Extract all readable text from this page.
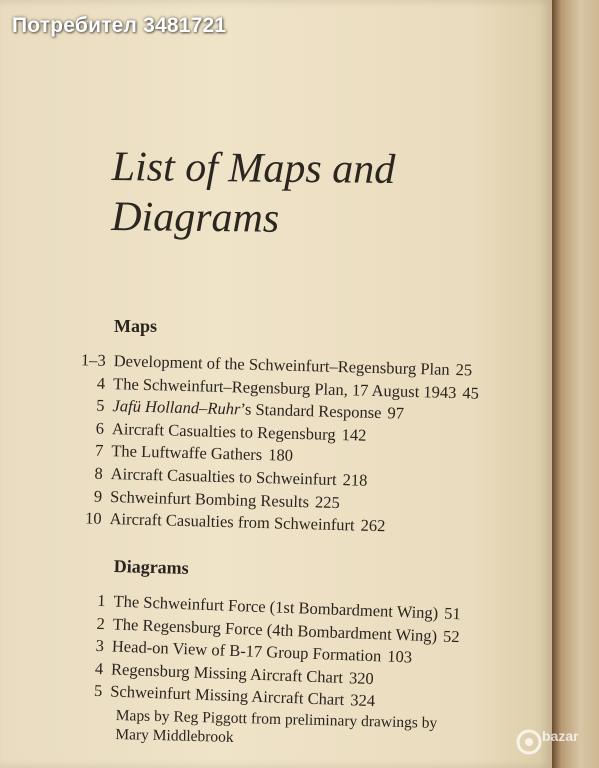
List of Maps and
Diagrams
Maps
1–3 Development of the Schweinfurt–Regensburg Plan 25
4 The Schweinfurt–Regensburg Plan, 17 August 1943 45
5 Jafü Holland–Ruhr’s Standard Response 97
6 Aircraft Casualties to Regensburg 142
7 The Luftwaffe Gathers 180
8 Aircraft Casualties to Schweinfurt 218
9 Schweinfurt Bombing Results 225
10 Aircraft Casualties from Schweinfurt 262
Diagrams
1 The Schweinfurt Force (1st Bombardment Wing) 51
2 The Regensburg Force (4th Bombardment Wing) 52
3 Head-on View of B-17 Group Formation 103
4 Regensburg Missing Aircraft Chart 320
5 Schweinfurt Missing Aircraft Chart 324
Maps by Reg Piggott from preliminary drawings by
Mary Middlebrook
Потребител 3481721
bazar
